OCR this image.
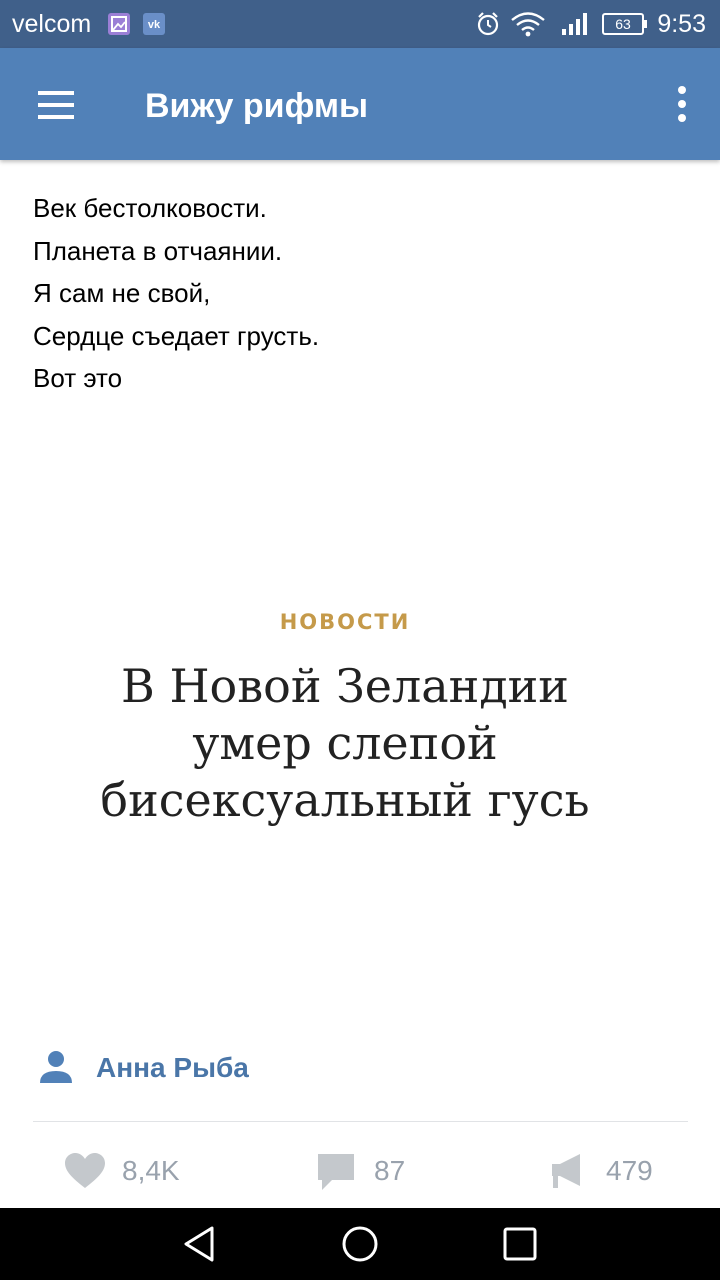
velcom	vk	63	9:53
Вижу рифмы
Век бестолковости.
Планета в отчаянии.
Я сам не свой,
Сердце съедает грусть.
Вот это
НОВОСТИ
В Новой Зеландии
умер слепой
бисексуальный гусь
Анна Рыба
8,4K	87	479
